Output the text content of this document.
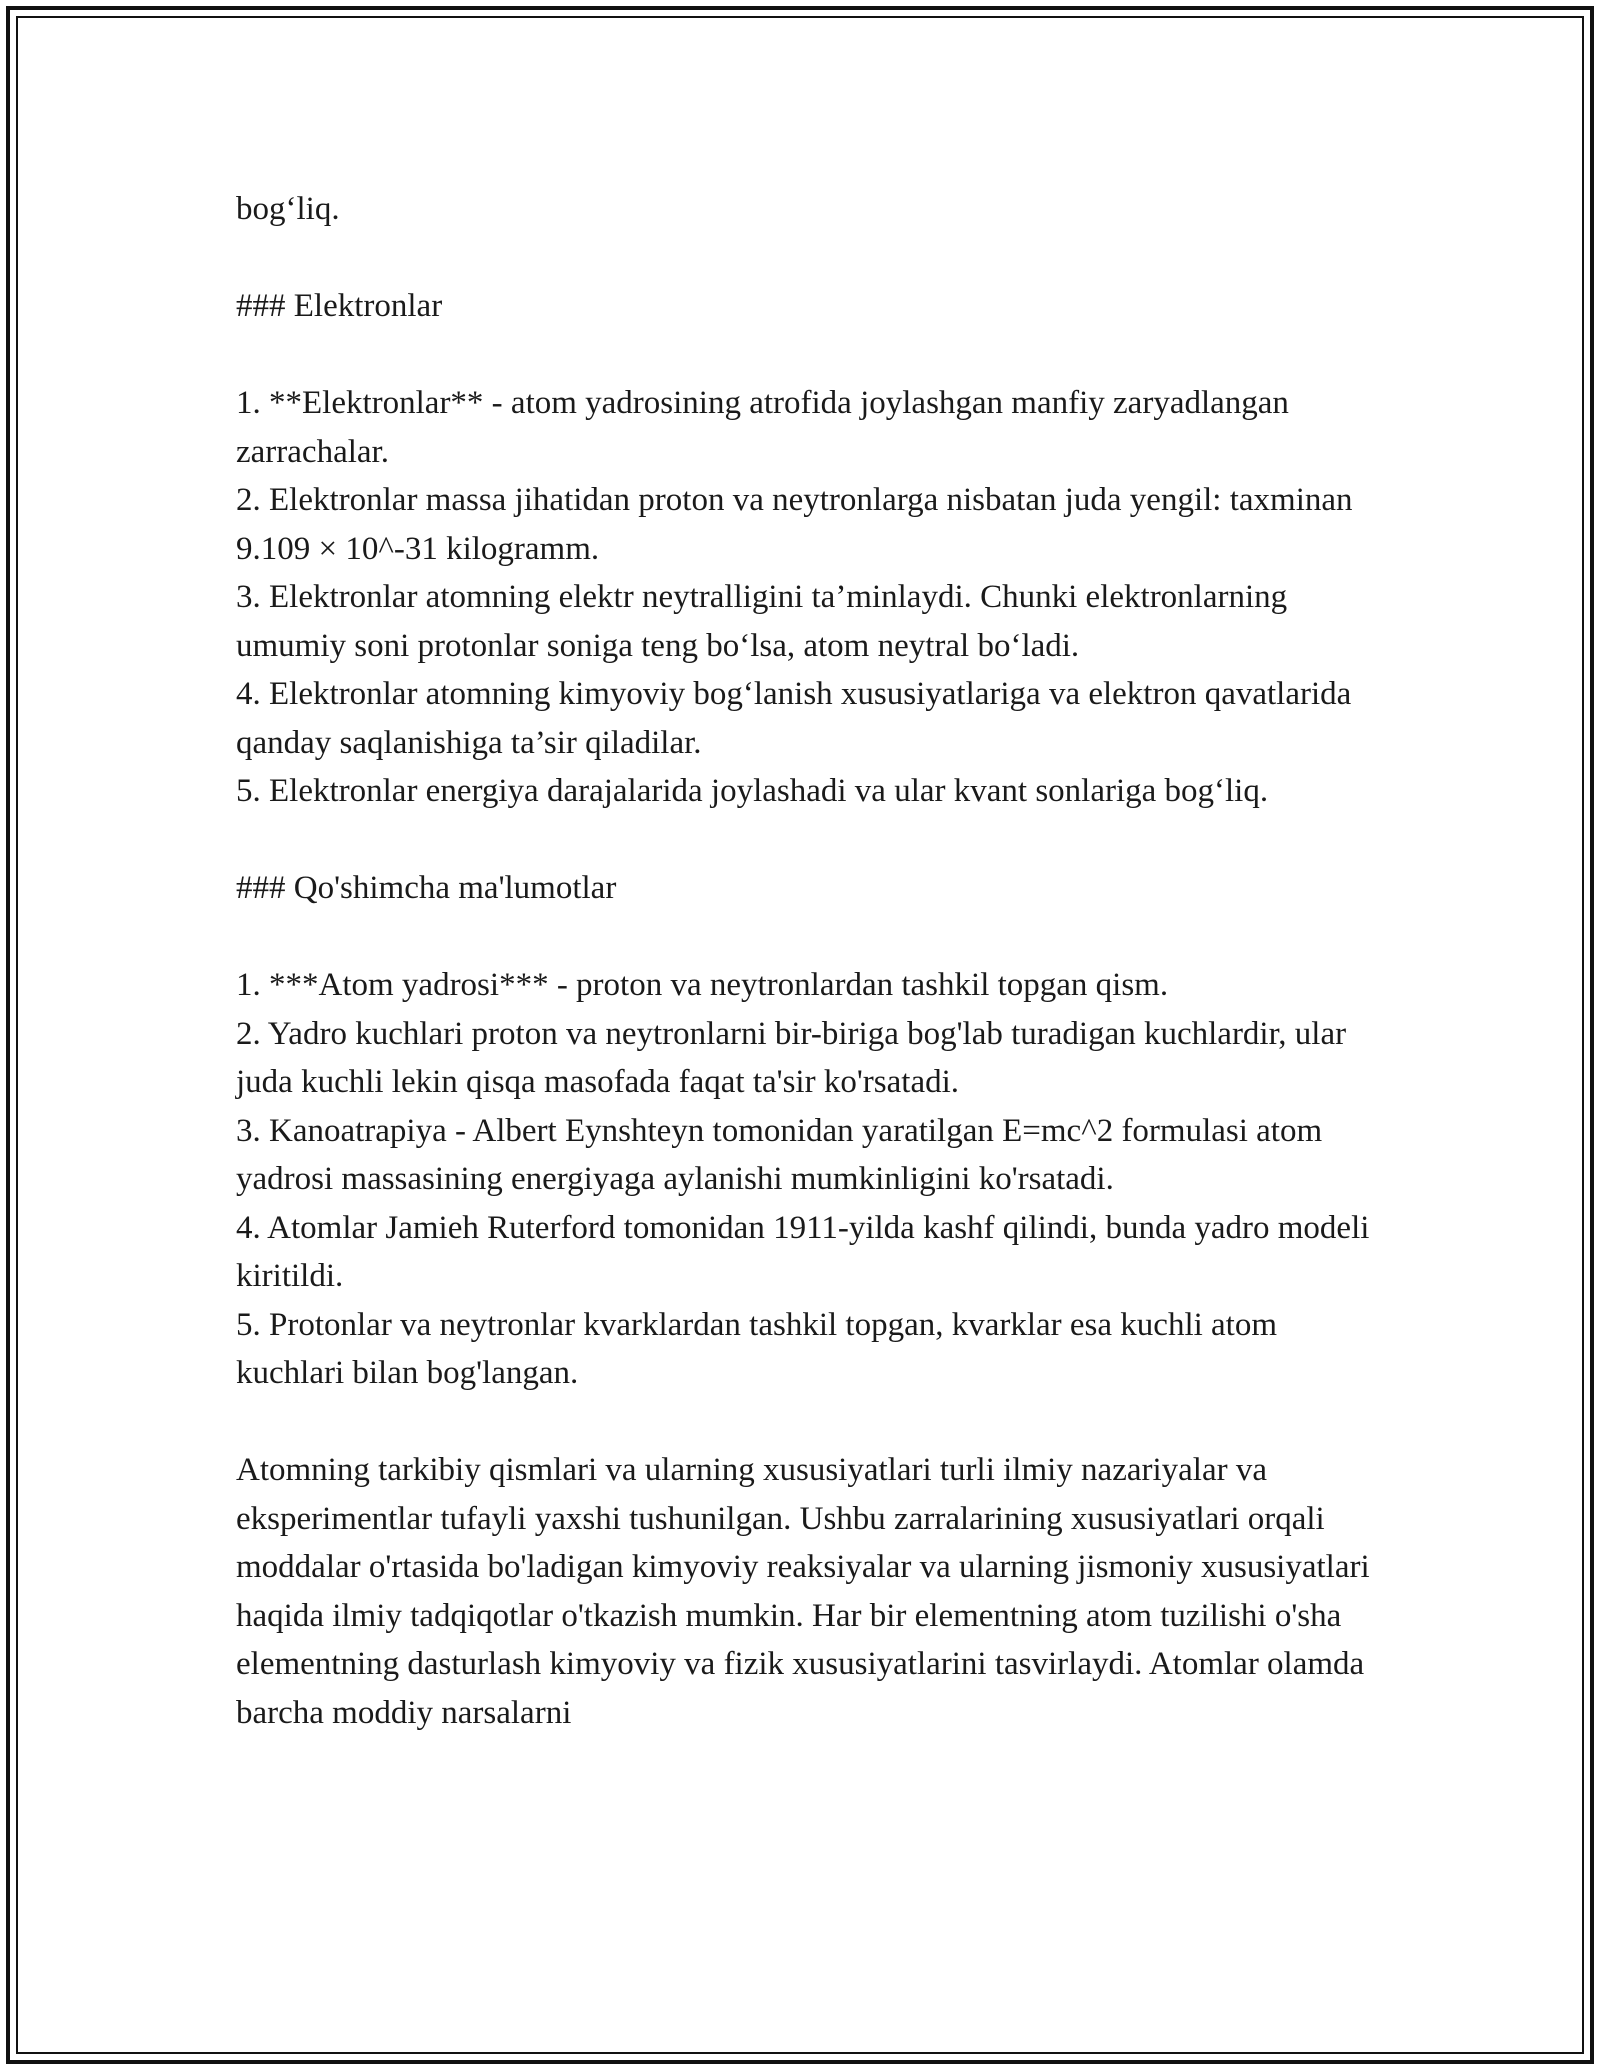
bog‘liq.

### Elektronlar

1. **Elektronlar** - atom yadrosining atrofida joylashgan manfiy zaryadlangan zarrachalar.

2. Elektronlar massa jihatidan proton va neytronlarga nisbatan juda yengil: taxminan 9.109 × 10^-31 kilogramm.

3. Elektronlar atomning elektr neytralligini ta’minlaydi. Chunki elektronlarning umumiy soni protonlar soniga teng bo‘lsa, atom neytral bo‘ladi.

4. Elektronlar atomning kimyoviy bog‘lanish xususiyatlariga va elektron qavatlarida qanday saqlanishiga ta’sir qiladilar.

5. Elektronlar energiya darajalarida joylashadi va ular kvant sonlariga bog‘liq.

### Qo'shimcha ma'lumotlar

1. ***Atom yadrosi*** - proton va neytronlardan tashkil topgan qism.

2. Yadro kuchlari proton va neytronlarni bir-biriga bog'lab turadigan kuchlardir, ular juda kuchli lekin qisqa masofada faqat ta'sir ko'rsatadi.

3. Kanoatrapiya - Albert Eynshteyn tomonidan yaratilgan E=mc^2 formulasi atom yadrosi massasining energiyaga aylanishi mumkinligini ko'rsatadi.

4. Atomlar Jamieh Ruterford tomonidan 1911-yilda kashf qilindi, bunda yadro modeli kiritildi.

5. Protonlar va neytronlar kvarklardan tashkil topgan, kvarklar esa kuchli atom kuchlari bilan bog'langan.

Atomning tarkibiy qismlari va ularning xususiyatlari turli ilmiy nazariyalar va eksperimentlar tufayli yaxshi tushunilgan. Ushbu zarralarining xususiyatlari orqali moddalar o'rtasida bo'ladigan kimyoviy reaksiyalar va ularning jismoniy xususiyatlari haqida ilmiy tadqiqotlar o'tkazish mumkin. Har bir elementning atom tuzilishi o'sha elementning dasturlash kimyoviy va fizik xususiyatlarini tasvirlaydi. Atomlar olamda barcha moddiy narsalarni
